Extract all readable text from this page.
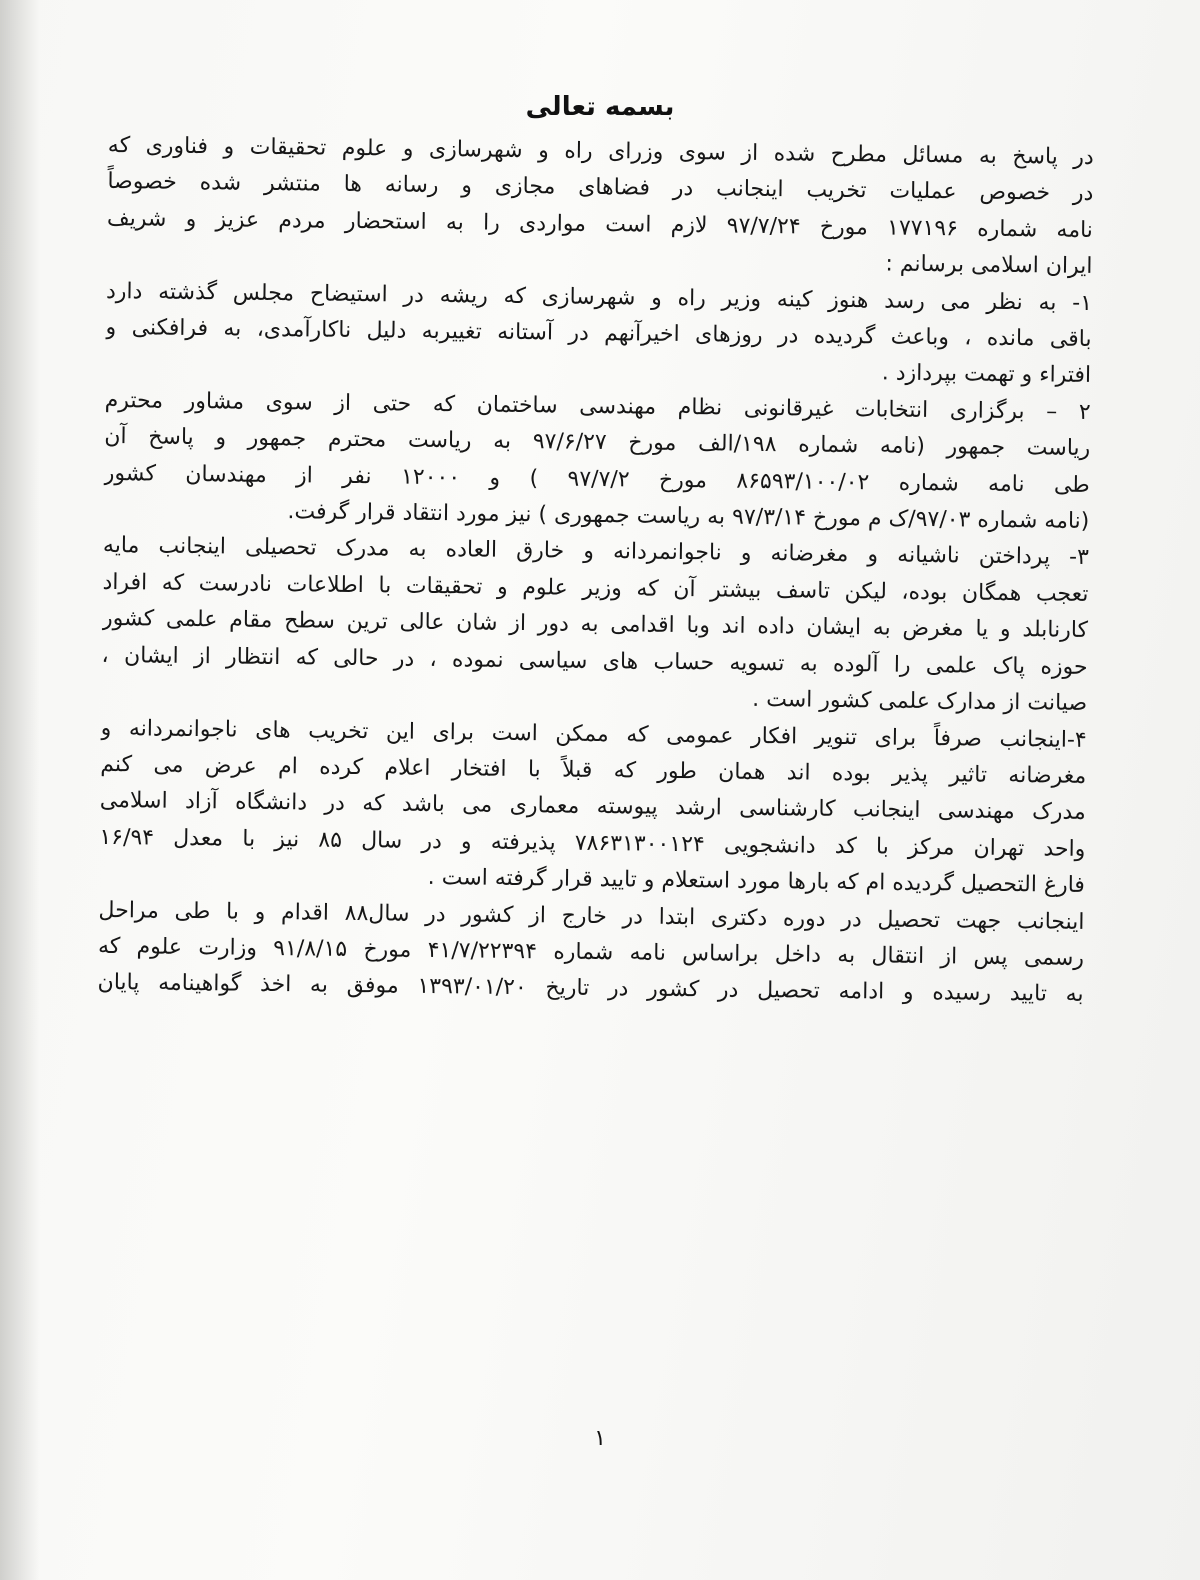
بسمه تعالی
در پاسخ به مسائل مطرح شده از سوی وزرای راه و شهرسازی و علوم تحقیقات و فناوری که
در خصوص عملیات تخریب اینجانب در فضاهای مجازی و رسانه ها منتشر شده خصوصاً
نامه شماره ۱۷۷۱۹۶ مورخ ۹۷/۷/۲۴ لازم است مواردی را به استحضار مردم عزیز و شریف
ایران اسلامی برسانم :
۱- به نظر می رسد هنوز کینه وزیر راه و شهرسازی که ریشه در استیضاح مجلس گذشته دارد
باقی مانده ، وباعث گردیده در روزهای اخیرآنهم در آستانه تغییربه دلیل ناکارآمدی، به فرافکنی و
افتراء و تهمت بپردازد .
۲ – برگزاری انتخابات غیرقانونی نظام مهندسی ساختمان که حتی از سوی مشاور محترم
ریاست جمهور (نامه شماره ۱۹۸/الف مورخ ۹۷/۶/۲۷ به ریاست محترم جمهور و پاسخ آن
طی نامه شماره ۸۶۵۹۳/۱۰۰/۰۲ مورخ ۹۷/۷/۲ ) و ۱۲۰۰۰ نفر از مهندسان کشور
(نامه شماره ۹۷/۰۳/ک م مورخ ۹۷/۳/۱۴ به ریاست جمهوری ) نیز مورد انتقاد قرار گرفت.
۳- پرداختن ناشیانه و مغرضانه و ناجوانمردانه و خارق العاده به مدرک تحصیلی اینجانب مایه
تعجب همگان بوده، لیکن تاسف بیشتر آن که وزیر علوم و تحقیقات با اطلاعات نادرست که افراد
کارنابلد و یا مغرض به ایشان داده اند وبا اقدامی به دور از شان عالی ترین سطح مقام علمی کشور
حوزه پاک علمی را آلوده به تسویه حساب های سیاسی نموده ، در حالی که انتظار از ایشان ،
صیانت از مدارک علمی کشور است .
۴-اینجانب صرفاً برای تنویر افکار عمومی که ممکن است برای این تخریب های ناجوانمردانه و
مغرضانه تاثیر پذیر بوده اند همان طور که قبلاً با افتخار اعلام کرده ام عرض می کنم
مدرک مهندسی اینجانب کارشناسی ارشد پیوسته معماری می باشد که در دانشگاه آزاد اسلامی
واحد تهران مرکز با کد دانشجویی ۷۸۶۳۱۳۰۰۱۲۴ پذیرفته و در سال ۸۵ نیز با معدل ۱۶/۹۴
فارغ التحصیل گردیده ام که بارها مورد استعلام و تایید قرار گرفته است .
اینجانب جهت تحصیل در دوره دکتری ابتدا در خارج از کشور در سال۸۸ اقدام و با طی مراحل
رسمی پس از انتقال به داخل براساس نامه شماره ۴۱/۷/۲۲۳۹۴ مورخ ۹۱/۸/۱۵ وزارت علوم که
به تایید رسیده و ادامه تحصیل در کشور در تاریخ ۱۳۹۳/۰۱/۲۰ موفق به اخذ گواهینامه پایان
۱
